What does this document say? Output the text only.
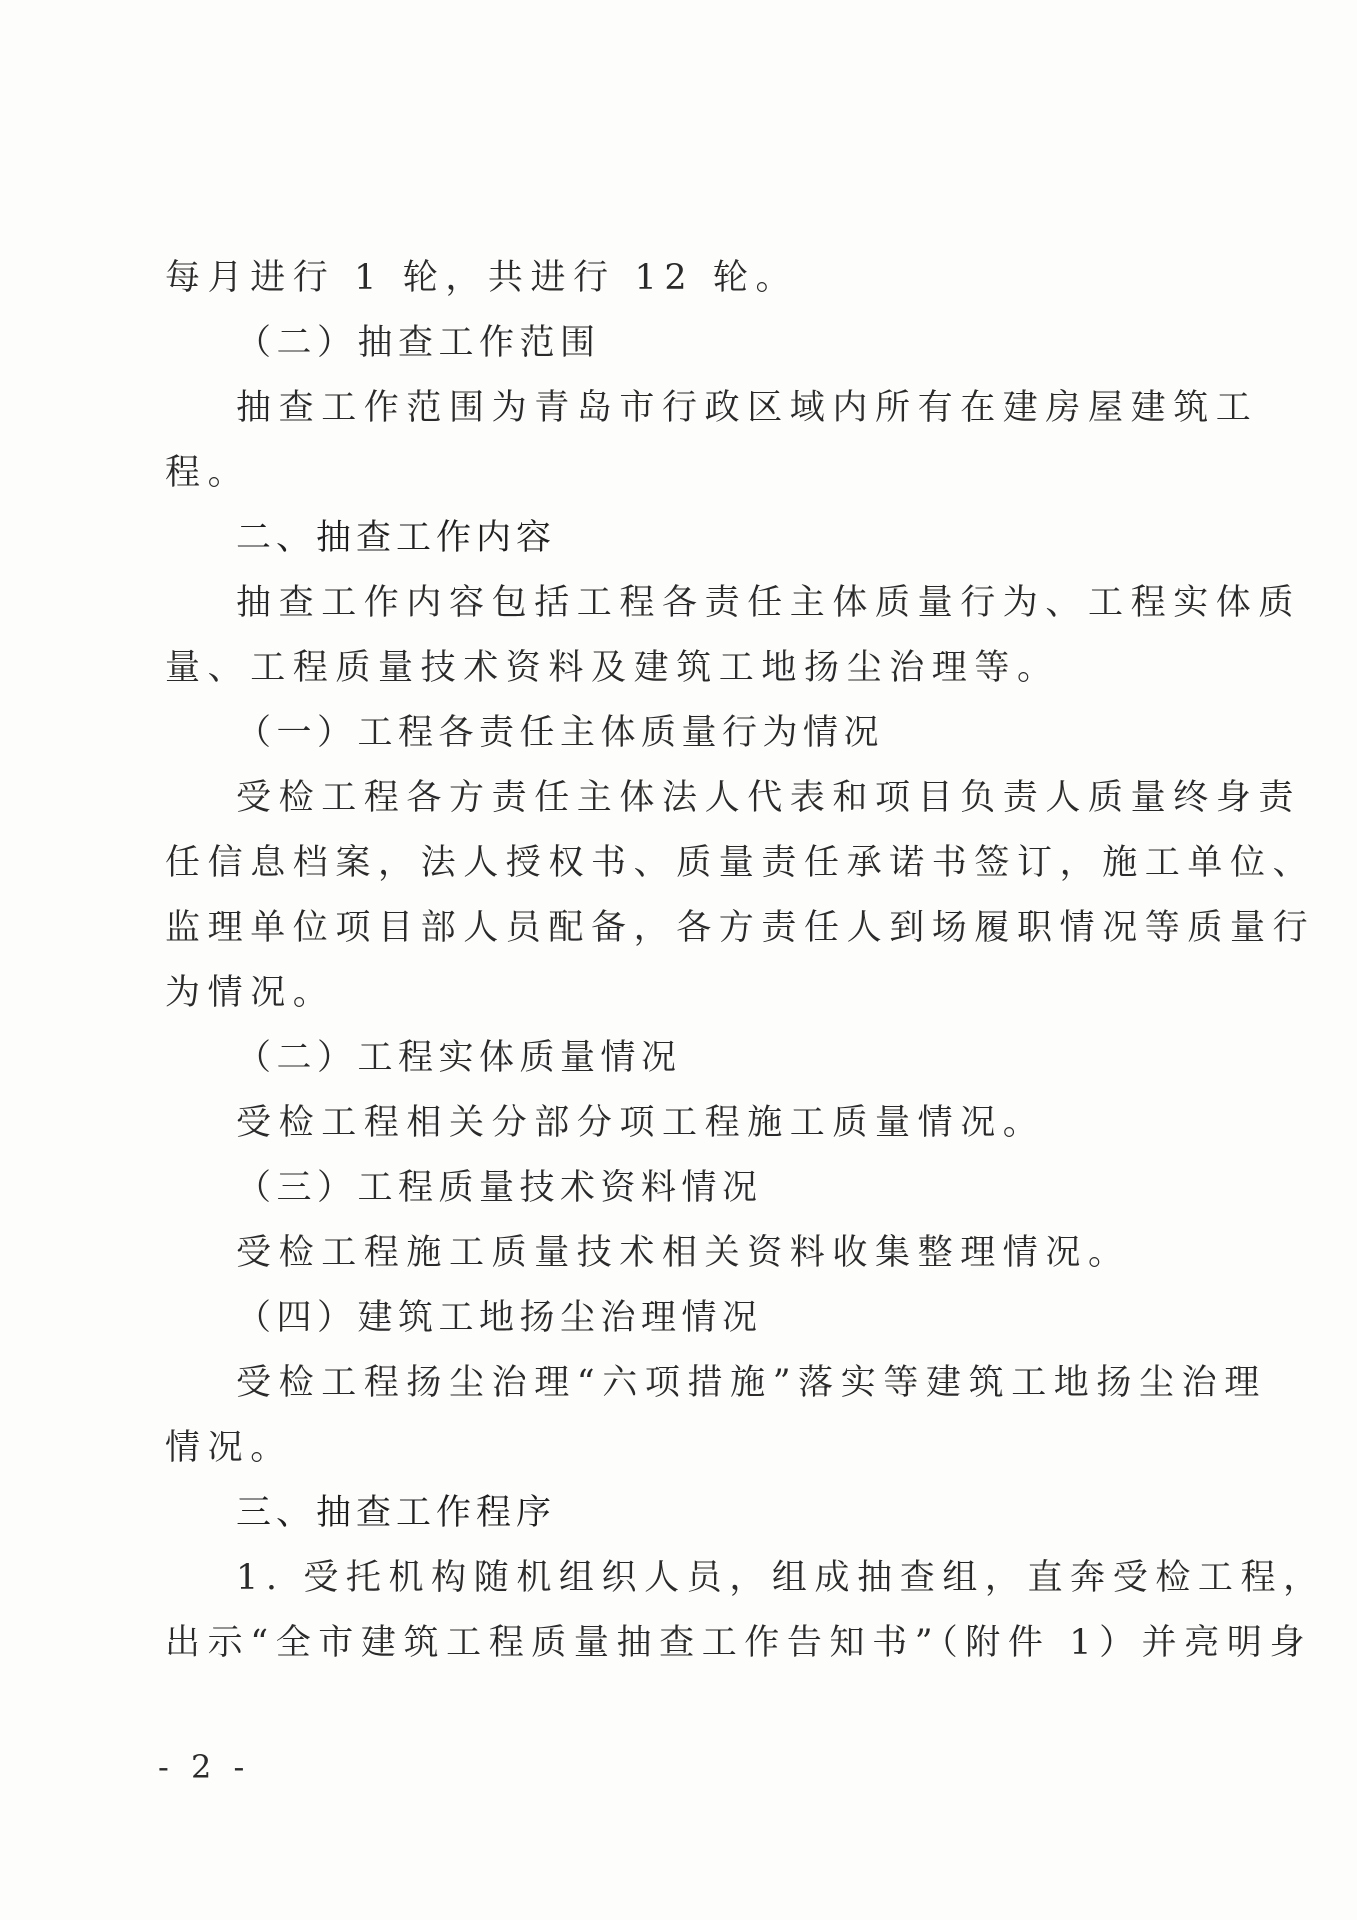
每月进行 1 轮，共进行 12 轮。
（二）抽查工作范围
抽查工作范围为青岛市行政区域内所有在建房屋建筑工
程。
二、抽查工作内容
抽查工作内容包括工程各责任主体质量行为、工程实体质
量、工程质量技术资料及建筑工地扬尘治理等。
（一）工程各责任主体质量行为情况
受检工程各方责任主体法人代表和项目负责人质量终身责
任信息档案，法人授权书、质量责任承诺书签订，施工单位、
监理单位项目部人员配备，各方责任人到场履职情况等质量行
为情况。
（二）工程实体质量情况
受检工程相关分部分项工程施工质量情况。
（三）工程质量技术资料情况
受检工程施工质量技术相关资料收集整理情况。
（四）建筑工地扬尘治理情况
受检工程扬尘治理“六项措施”落实等建筑工地扬尘治理
情况。
三、抽查工作程序
1. 受托机构随机组织人员，组成抽查组，直奔受检工程，
出示“全市建筑工程质量抽查工作告知书”（附件 1）并亮明身
- 2 -
